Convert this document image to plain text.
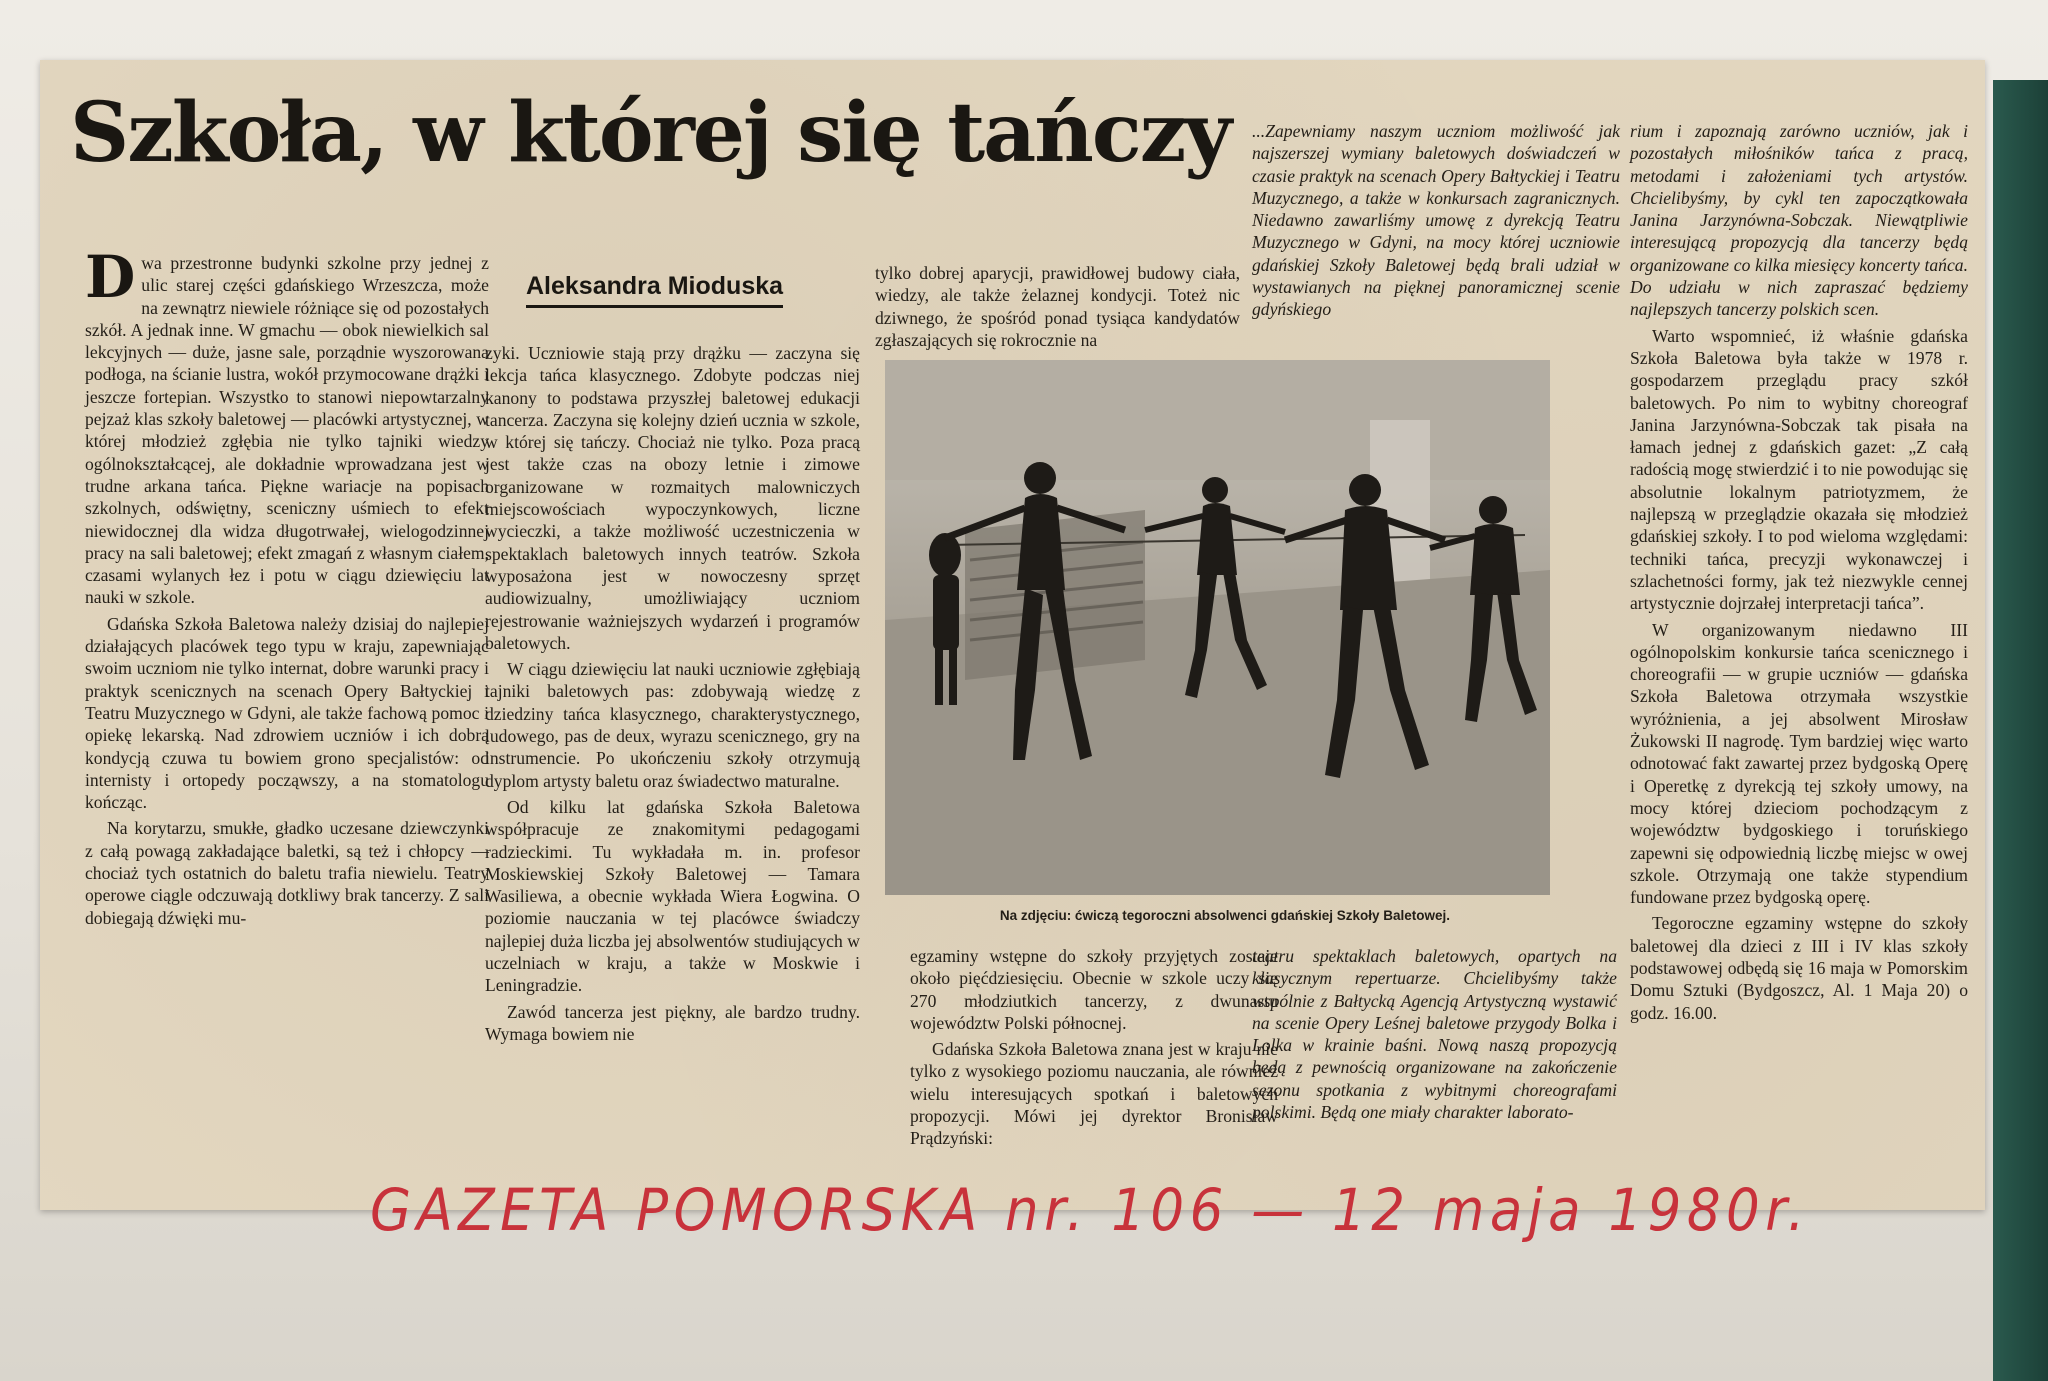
Szkoła, w której się tańczy
Aleksandra Mioduska

Dwa przestronne budynki szkolne przy jednej z ulic starej części gdańskiego Wrzeszcza, może na zewnątrz niewiele różniące się od pozostałych szkół. A jednak inne. W gmachu — obok niewielkich sal lekcyjnych — duże, jasne sale, porządnie wyszorowana podłoga, na ścianie lustra, wokół przymocowane drążki i jeszcze fortepian. Wszystko to stanowi niepowtarzalny pejzaż klas szkoły baletowej — placówki artystycznej, w której młodzież zgłębia nie tylko tajniki wiedzy ogólnokształcącej, ale dokładnie wprowadzana jest w trudne arkana tańca. Piękne wariacje na popisach szkolnych, odświętny, sceniczny uśmiech to efekt niewidocznej dla widza długotrwałej, wielogodzinnej pracy na sali baletowej; efekt zmagań z własnym ciałem, czasami wylanych łez i potu w ciągu dziewięciu lat nauki w szkole.

Gdańska Szkoła Baletowa należy dzisiaj do najlepiej działających placówek tego typu w kraju, zapewniając swoim uczniom nie tylko internat, dobre warunki pracy i praktyk scenicznych na scenach Opery Bałtyckiej i Teatru Muzycznego w Gdyni, ale także fachową pomoc i opiekę lekarską. Nad zdrowiem uczniów i ich dobrą kondycją czuwa tu bowiem grono specjalistów: od internisty i ortopedy począwszy, a na stomatologu kończąc.

Na korytarzu, smukłe, gładko uczesane dziewczynki z całą powagą zakładające baletki, są też i chłopcy — chociaż tych ostatnich do baletu trafia niewielu. Teatry operowe ciągle odczuwają dotkliwy brak tancerzy. Z sali dobiegają dźwięki mu-

zyki. Uczniowie stają przy drążku — zaczyna się lekcja tańca klasycznego. Zdobyte podczas niej kanony to podstawa przyszłej baletowej edukacji tancerza. Zaczyna się kolejny dzień ucznia w szkole, w której się tańczy. Chociaż nie tylko. Poza pracą jest także czas na obozy letnie i zimowe organizowane w rozmaitych malowniczych miejscowościach wypoczynkowych, liczne wycieczki, a także możliwość uczestniczenia w spektaklach baletowych innych teatrów. Szkoła wyposażona jest w nowoczesny sprzęt audiowizualny, umożliwiający uczniom rejestrowanie ważniejszych wydarzeń i programów baletowych.

W ciągu dziewięciu lat nauki uczniowie zgłębiają tajniki baletowych pas: zdobywają wiedzę z dziedziny tańca klasycznego, charakterystycznego, ludowego, pas de deux, wyrazu scenicznego, gry na instrumencie. Po ukończeniu szkoły otrzymują dyplom artysty baletu oraz świadectwo maturalne.

Od kilku lat gdańska Szkoła Baletowa współpracuje ze znakomitymi pedagogami radzieckimi. Tu wykładała m. in. profesor Moskiewskiej Szkoły Baletowej — Tamara Wasiliewa, a obecnie wykłada Wiera Łogwina. O poziomie nauczania w tej placówce świadczy najlepiej duża liczba jej absolwentów studiujących w uczelniach w kraju, a także w Moskwie i Leningradzie.

Zawód tancerza jest piękny, ale bardzo trudny. Wymaga bowiem nie

tylko dobrej aparycji, prawidłowej budowy ciała, wiedzy, ale także żelaznej kondycji. Toteż nic dziwnego, że spośród ponad tysiąca kandydatów zgłaszających się rokrocznie na

...Zapewniamy naszym uczniom możliwość jak najszerszej wymiany baletowych doświadczeń w czasie praktyk na scenach Opery Bałtyckiej i Teatru Muzycznego, a także w konkursach zagranicznych. Niedawno zawarliśmy umowę z dyrekcją Teatru Muzycznego w Gdyni, na mocy której uczniowie gdańskiej Szkoły Baletowej będą brali udział w wystawianych na pięknej panoramicznej scenie gdyńskiego

Na zdjęciu: ćwiczą tegoroczni absolwenci gdańskiej Szkoły Baletowej.

egzaminy wstępne do szkoły przyjętych zostaje około pięćdziesięciu. Obecnie w szkole uczy się 270 młodziutkich tancerzy, z dwunastu województw Polski północnej.

Gdańska Szkoła Baletowa znana jest w kraju nie tylko z wysokiego poziomu nauczania, ale również wielu interesujących spotkań i baletowych propozycji. Mówi jej dyrektor Bronisław Prądzyński:

teatru spektaklach baletowych, opartych na klasycznym repertuarze. Chcielibyśmy także wspólnie z Bałtycką Agencją Artystyczną wystawić na scenie Opery Leśnej baletowe przygody Bolka i Lolka w krainie baśni. Nową naszą propozycją będą z pewnością organizowane na zakończenie sezonu spotkania z wybitnymi choreografami polskimi. Będą one miały charakter laborato-

rium i zapoznają zarówno uczniów, jak i pozostałych miłośników tańca z pracą, metodami i założeniami tych artystów. Chcielibyśmy, by cykl ten zapoczątkowała Janina Jarzynówna-Sobczak. Niewątpliwie interesującą propozycją dla tancerzy będą organizowane co kilka miesięcy koncerty tańca. Do udziału w nich zapraszać będziemy najlepszych tancerzy polskich scen.

Warto wspomnieć, iż właśnie gdańska Szkoła Baletowa była także w 1978 r. gospodarzem przeglądu pracy szkół baletowych. Po nim to wybitny choreograf Janina Jarzynówna-Sobczak tak pisała na łamach jednej z gdańskich gazet: „Z całą radością mogę stwierdzić i to nie powodując się absolutnie lokalnym patriotyzmem, że najlepszą w przeglądzie okazała się młodzież gdańskiej szkoły. I to pod wieloma względami: techniki tańca, precyzji wykonawczej i szlachetności formy, jak też niezwykle cennej artystycznie dojrzałej interpretacji tańca”.

W organizowanym niedawno III ogólnopolskim konkursie tańca scenicznego i choreografii — w grupie uczniów — gdańska Szkoła Baletowa otrzymała wszystkie wyróżnienia, a jej absolwent Mirosław Żukowski II nagrodę. Tym bardziej więc warto odnotować fakt zawartej przez bydgoską Operę i Operetkę z dyrekcją tej szkoły umowy, na mocy której dzieciom pochodzącym z województw bydgoskiego i toruńskiego zapewni się odpowiednią liczbę miejsc w owej szkole. Otrzymają one także stypendium fundowane przez bydgoską operę.

Tegoroczne egzaminy wstępne do szkoły baletowej dla dzieci z III i IV klas szkoły podstawowej odbędą się 16 maja w Pomorskim Domu Sztuki (Bydgoszcz, Al. 1 Maja 20) o godz. 16.00.

GAZETA POMORSKA nr. 106 — 12 maja 1980r.
